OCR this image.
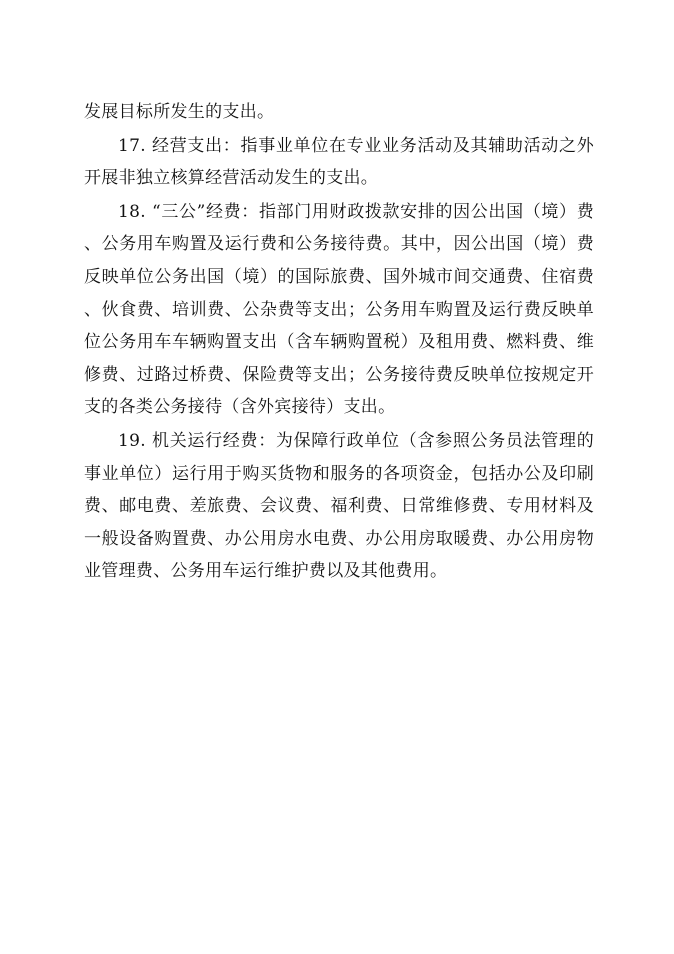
发展目标所发生的支出。

17. 经营支出：指事业单位在专业业务活动及其辅助活动之外开展非独立核算经营活动发生的支出。

18. “三公”经费：指部门用财政拨款安排的因公出国（境）费、公务用车购置及运行费和公务接待费。其中，因公出国（境）费反映单位公务出国（境）的国际旅费、国外城市间交通费、住宿费、伙食费、培训费、公杂费等支出；公务用车购置及运行费反映单位公务用车车辆购置支出（含车辆购置税）及租用费、燃料费、维修费、过路过桥费、保险费等支出；公务接待费反映单位按规定开支的各类公务接待（含外宾接待）支出。

19. 机关运行经费：为保障行政单位（含参照公务员法管理的事业单位）运行用于购买货物和服务的各项资金，包括办公及印刷费、邮电费、差旅费、会议费、福利费、日常维修费、专用材料及一般设备购置费、办公用房水电费、办公用房取暖费、办公用房物业管理费、公务用车运行维护费以及其他费用。
